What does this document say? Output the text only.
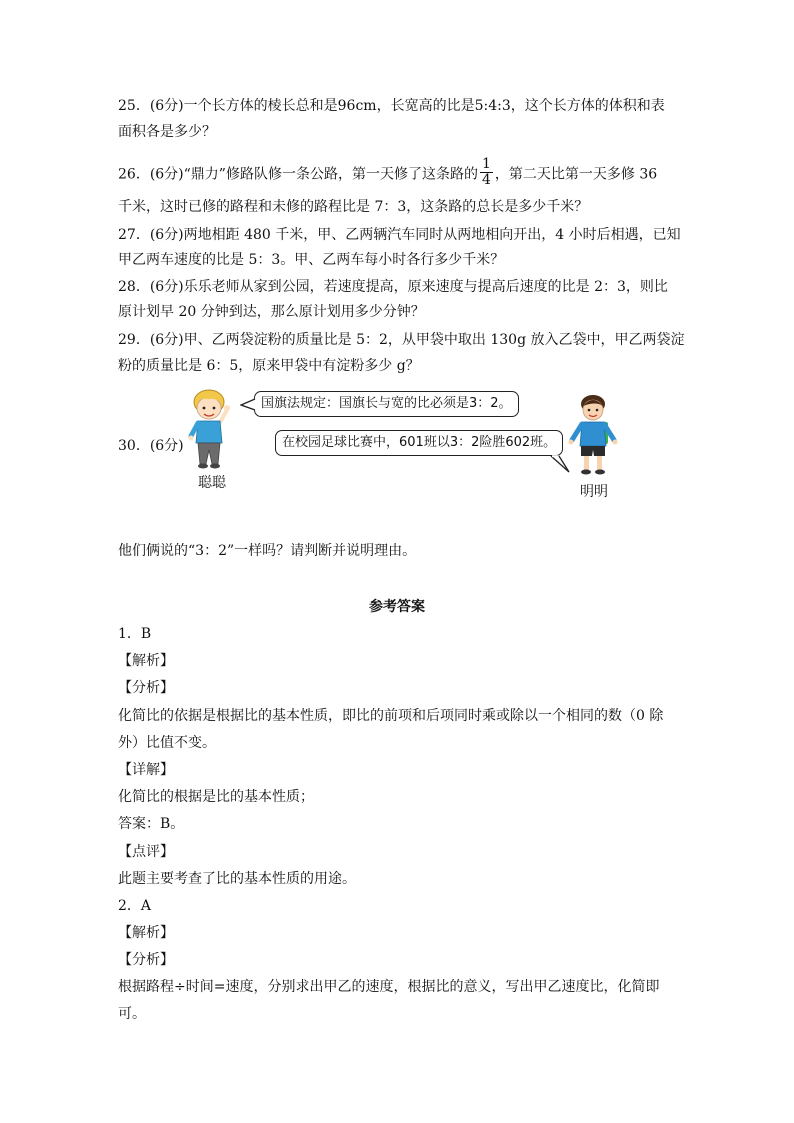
25．(6分)一个长方体的棱长总和是96cm，长宽高的比是5:4:3，这个长方体的体积和表
面积各是多少？
26．(6分)“鼎力”修路队修一条公路，第一天修了这条路的 $\frac{1}{4}$ ，第二天比第一天多修 36
千米，这时已修的路程和未修的路程比是 7：3，这条路的总长是多少千米？
27．(6分)两地相距 480 千米，甲、乙两辆汽车同时从两地相向开出，4 小时后相遇，已知
甲乙两车速度的比是 5：3。甲、乙两车每小时各行多少千米？
28．(6分)乐乐老师从家到公园，若速度提高，原来速度与提高后速度的比是 2：3，则比
原计划早 20 分钟到达，那么原计划用多少分钟？
29．(6分)甲、乙两袋淀粉的质量比是 5：2，从甲袋中取出 130g 放入乙袋中，甲乙两袋淀
粉的质量比是 6：5，原来甲袋中有淀粉多少 g？
30．(6分)
聪聪
国旗法规定：国旗长与宽的比必须是3：2。
在校园足球比赛中，601班以3：2险胜602班。
明明
他们俩说的“3：2”一样吗？请判断并说明理由。
参考答案
1．B
【解析】
【分析】
化简比的依据是根据比的基本性质，即比的前项和后项同时乘或除以一个相同的数（0 除
外）比值不变。
【详解】
化简比的根据是比的基本性质；
答案：B。
【点评】
此题主要考查了比的基本性质的用途。
2．A
【解析】
【分析】
根据路程÷时间=速度，分别求出甲乙的速度，根据比的意义，写出甲乙速度比，化简即
可。
